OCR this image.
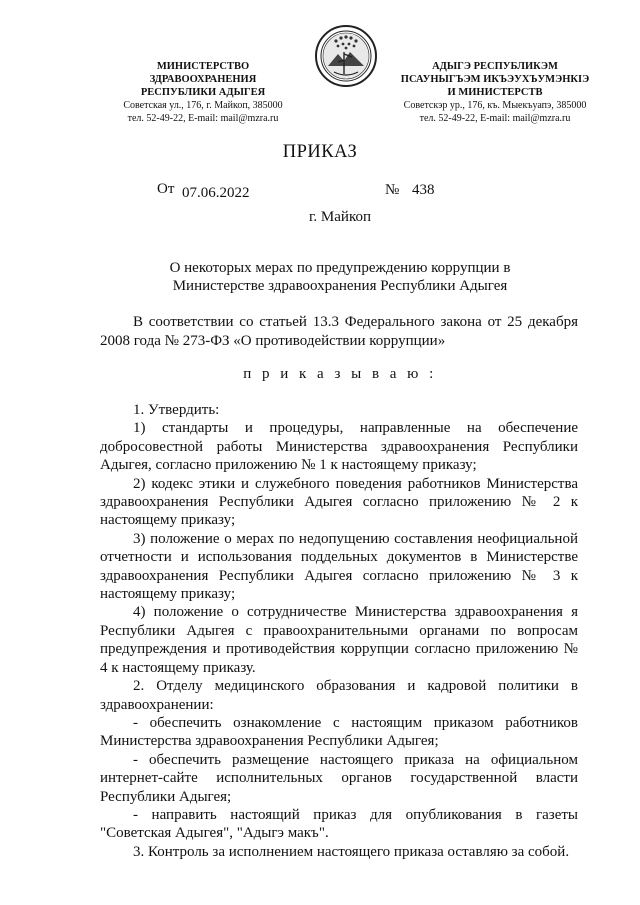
МИНИСТЕРСТВО
ЗДРАВООХРАНЕНИЯ
РЕСПУБЛИКИ АДЫГЕЯ
Советская ул., 176, г. Майкоп, 385000
тел. 52-49-22, E-mail: mail@mzra.ru
АДЫГЭ РЕСПУБЛИКЭМ
ПСАУНЫГЪЭМ ИКЪЭУХЪУМЭНКІЭ
И МИНИСТЕРСТВ
Советскэр ур., 176, къ. Мыекъуапэ, 385000
тел. 52-49-22, E-mail: mail@mzra.ru
ПРИКАЗ
От 07.06.2022	№ 438
г. Майкоп
О некоторых мерах по предупреждению коррупции в
Министерстве здравоохранения Республики Адыгея
В соответствии со статьей 13.3 Федерального закона от 25 декабря 2008 года № 273-ФЗ «О противодействии коррупции»
п р и к а з ы в а ю :

1. Утвердить:

1) стандарты и процедуры, направленные на обеспечение добросовестной работы Министерства здравоохранения Республики Адыгея, согласно приложению № 1 к настоящему приказу;

2) кодекс этики и служебного поведения работников Министерства здравоохранения Республики Адыгея согласно приложению № 2 к настоящему приказу;

3) положение о мерах по недопущению составления неофициальной отчетности и использования поддельных документов в Министерстве здравоохранения Республики Адыгея согласно приложению № 3 к настоящему приказу;

4) положение о сотрудничестве Министерства здравоохранения я Республики Адыгея с правоохранительными органами по вопросам предупреждения и противодействия коррупции согласно приложению № 4 к настоящему приказу.

2. Отделу медицинского образования и кадровой политики в здравоохранении:

- обеспечить ознакомление с настоящим приказом работников Министерства здравоохранения Республики Адыгея;

- обеспечить размещение настоящего приказа на официальном интернет-сайте исполнительных органов государственной власти Республики Адыгея;

- направить настоящий приказ для опубликования в газеты "Советская Адыгея", "Адыгэ макъ".

3. Контроль за исполнением настоящего приказа оставляю за собой.
